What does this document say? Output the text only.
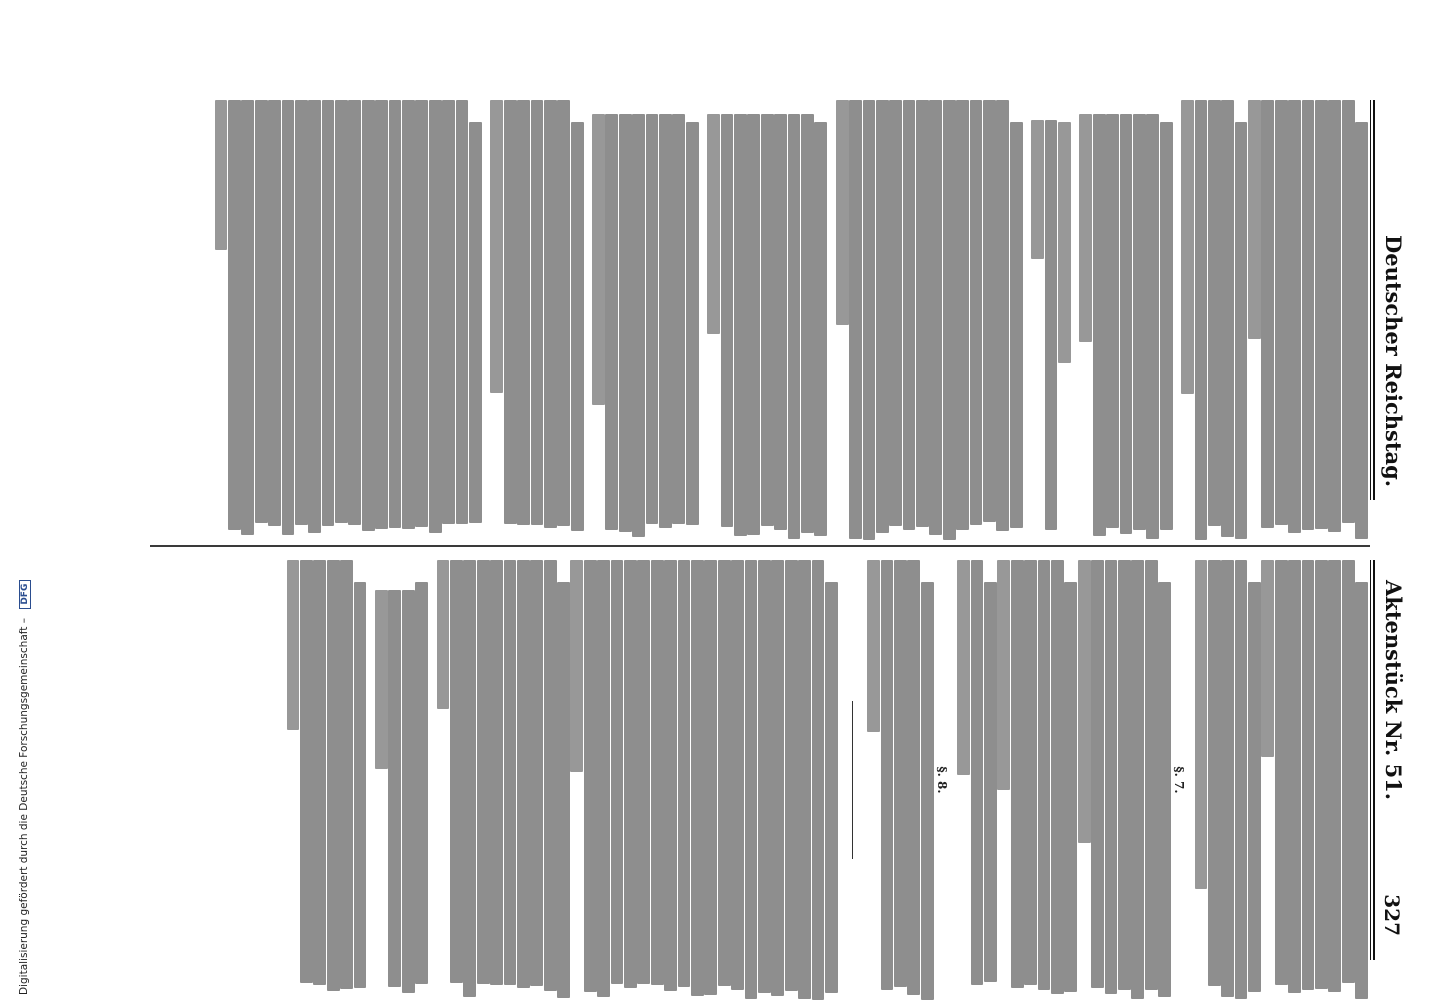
Deutscher Reichstag.
Aktenstück Nr. 51.
327
§. 7.
§. 8.
Digitalisierung gefördert durch die Deutsche Forschungsgemeinschaft – DFG
